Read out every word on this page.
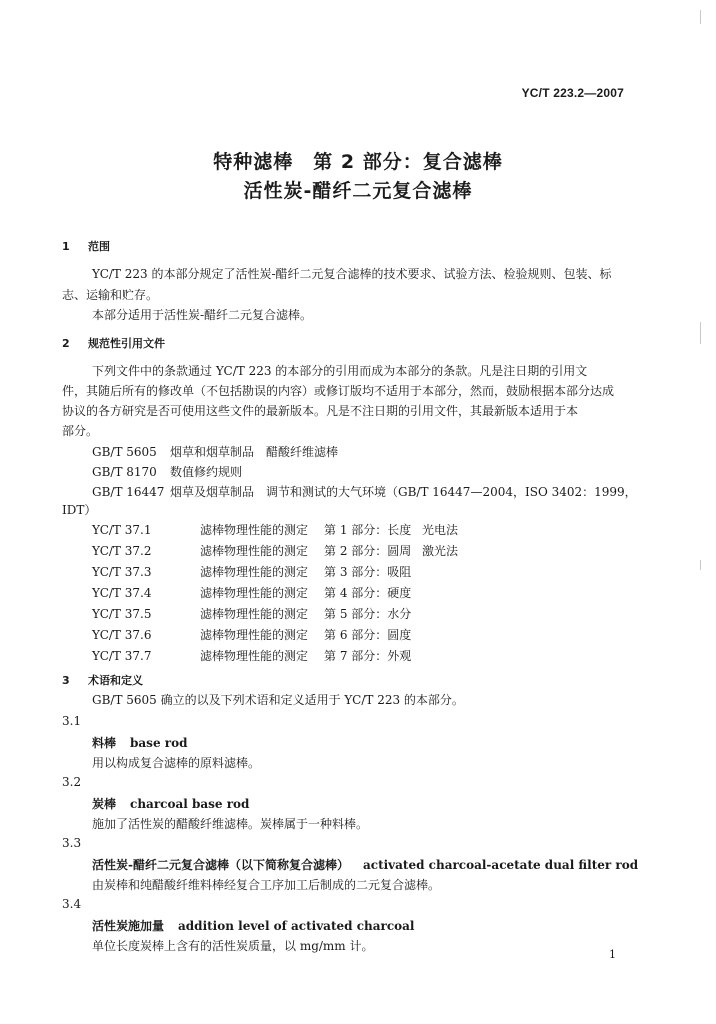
YC/T 223.2—2007
特种滤棒　第 2 部分：复合滤棒
活性炭-醋纤二元复合滤棒
1 范围
YC/T 223 的本部分规定了活性炭-醋纤二元复合滤棒的技术要求、试验方法、检验规则、包装、标
志、运输和贮存。
本部分适用于活性炭-醋纤二元复合滤棒。
2 规范性引用文件
下列文件中的条款通过 YC/T 223 的本部分的引用而成为本部分的条款。凡是注日期的引用文
件，其随后所有的修改单（不包括勘误的内容）或修订版均不适用于本部分，然而，鼓励根据本部分达成
协议的各方研究是否可使用这些文件的最新版本。凡是不注日期的引用文件，其最新版本适用于本
部分。
GB/T 5605 烟草和烟草制品　醋酸纤维滤棒
GB/T 8170 数值修约规则
GB/T 16447 烟草及烟草制品　调节和测试的大气环境（GB/T 16447—2004，ISO 3402：1999，
IDT）
YC/T 37.1	滤棒物理性能的测定 第 1 部分：长度 光电法
YC/T 37.2	滤棒物理性能的测定 第 2 部分：圆周 激光法
YC/T 37.3	滤棒物理性能的测定 第 3 部分：吸阻
YC/T 37.4	滤棒物理性能的测定 第 4 部分：硬度
YC/T 37.5	滤棒物理性能的测定 第 5 部分：水分
YC/T 37.6	滤棒物理性能的测定 第 6 部分：圆度
YC/T 37.7	滤棒物理性能的测定 第 7 部分：外观
3 术语和定义
GB/T 5605 确立的以及下列术语和定义适用于 YC/T 223 的本部分。
3.1
料棒 base rod
用以构成复合滤棒的原料滤棒。
3.2
炭棒 charcoal base rod
施加了活性炭的醋酸纤维滤棒。炭棒属于一种料棒。
3.3
活性炭-醋纤二元复合滤棒（以下简称复合滤棒） activated charcoal-acetate dual filter rod
由炭棒和纯醋酸纤维料棒经复合工序加工后制成的二元复合滤棒。
3.4
活性炭施加量 addition level of activated charcoal
单位长度炭棒上含有的活性炭质量，以 mg/mm 计。
1
